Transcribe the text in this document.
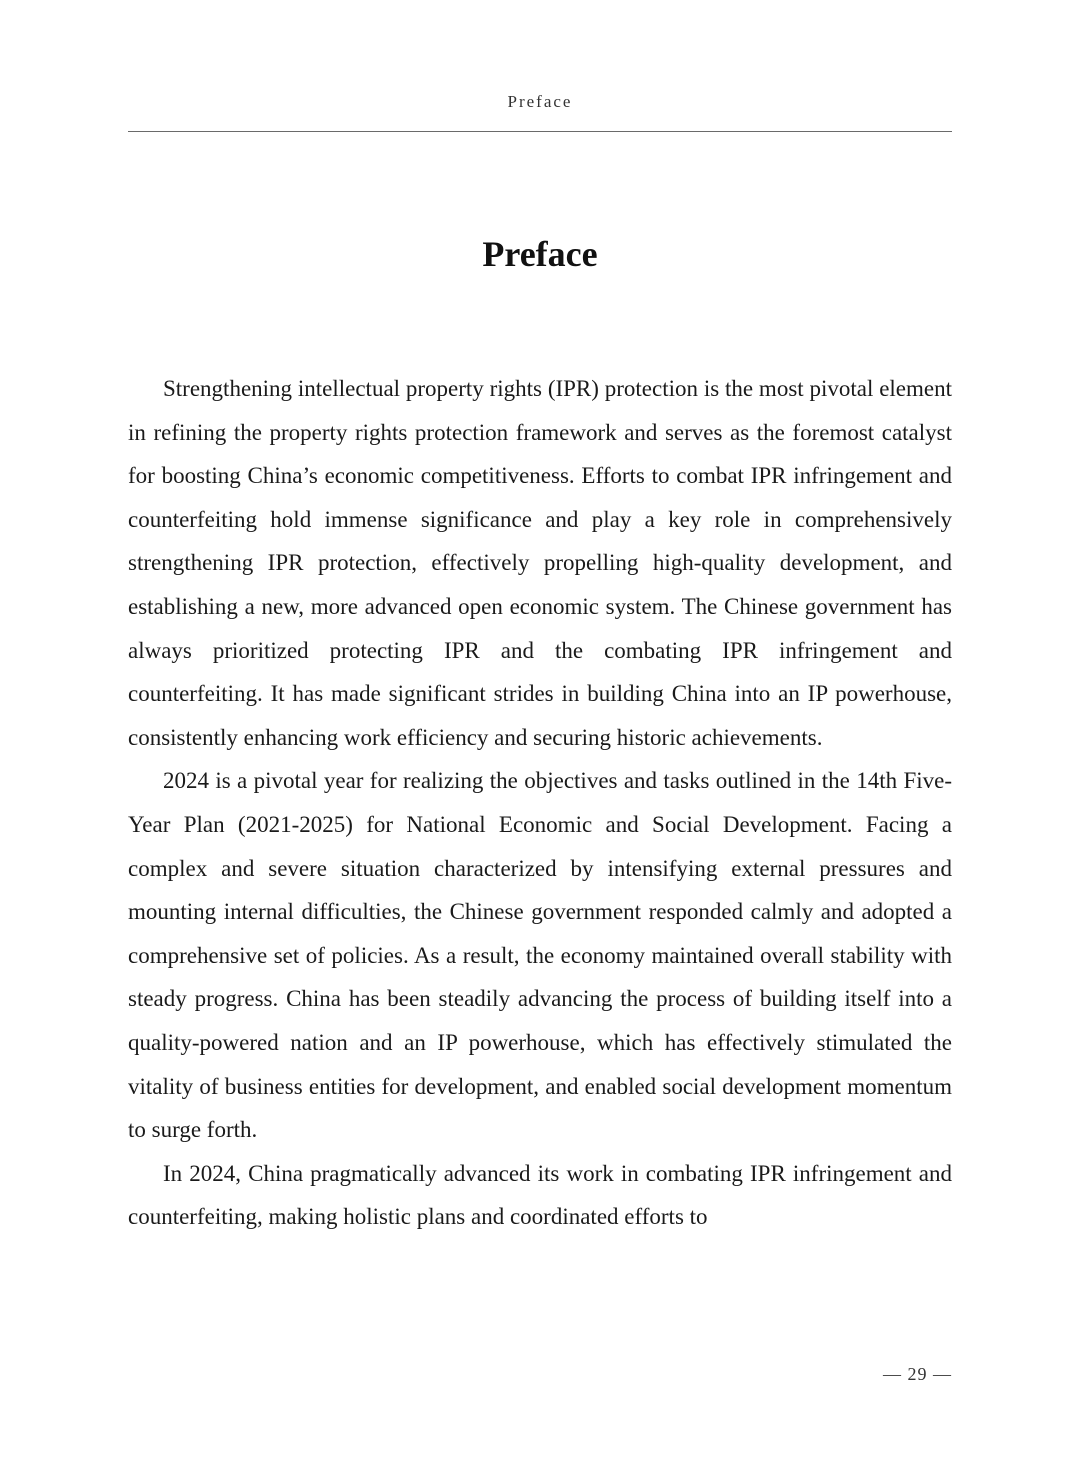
Preface
Preface

Strengthening intellectual property rights (IPR) protection is the most pivotal element in refining the property rights protection framework and serves as the foremost catalyst for boosting China’s economic competitiveness. Efforts to combat IPR infringement and counterfeiting hold immense significance and play a key role in comprehensively strengthening IPR protection, effectively propelling high-quality development, and establishing a new, more advanced open economic system. The Chinese government has always prioritized protecting IPR and the combating IPR infringement and counterfeiting. It has made significant strides in building China into an IP powerhouse, consistently enhancing work efficiency and securing historic achievements.

2024 is a pivotal year for realizing the objectives and tasks outlined in the 14th Five-Year Plan (2021-2025) for National Economic and Social Development. Facing a complex and severe situation characterized by intensifying external pressures and mounting internal difficulties, the Chinese government responded calmly and adopted a comprehensive set of policies. As a result, the economy maintained overall stability with steady progress. China has been steadily advancing the process of building itself into a quality-powered nation and an IP powerhouse, which has effectively stimulated the vitality of business entities for development, and enabled social development momentum to surge forth.

In 2024, China pragmatically advanced its work in combating IPR infringement and counterfeiting, making holistic plans and coordinated efforts to

— 29 —
